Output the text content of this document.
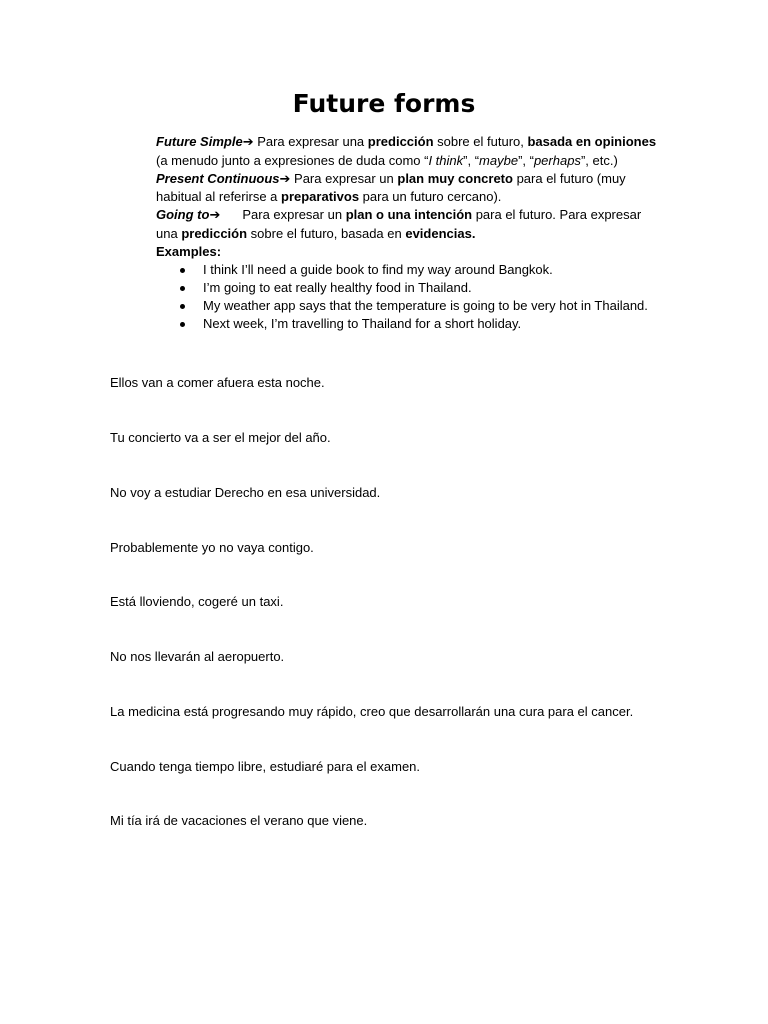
Future forms

Future Simple➔ Para expresar una predicción sobre el futuro, basada en opiniones (a menudo junto a expresiones de duda como “I think”, “maybe”, “perhaps”, etc.)

Present Continuous➔ Para expresar un plan muy concreto para el futuro (muy habitual al referirse a preparativos para un futuro cercano).

Going to➔ Para expresar un plan o una intención para el futuro. Para expresar una predicción sobre el futuro, basada en evidencias.

Examples:

I think I’ll need a guide book to find my way around Bangkok.
I’m going to eat really healthy food in Thailand.
My weather app says that the temperature is going to be very hot in Thailand.
Next week, I’m travelling to Thailand for a short holiday.

Ellos van a comer afuera esta noche.

Tu concierto va a ser el mejor del año.

No voy a estudiar Derecho en esa universidad.

Probablemente yo no vaya contigo.

Está lloviendo, cogeré un taxi.

No nos llevarán al aeropuerto.

La medicina está progresando muy rápido, creo que desarrollarán una cura para el cancer.

Cuando tenga tiempo libre, estudiaré para el examen.

Mi tía irá de vacaciones el verano que viene.
